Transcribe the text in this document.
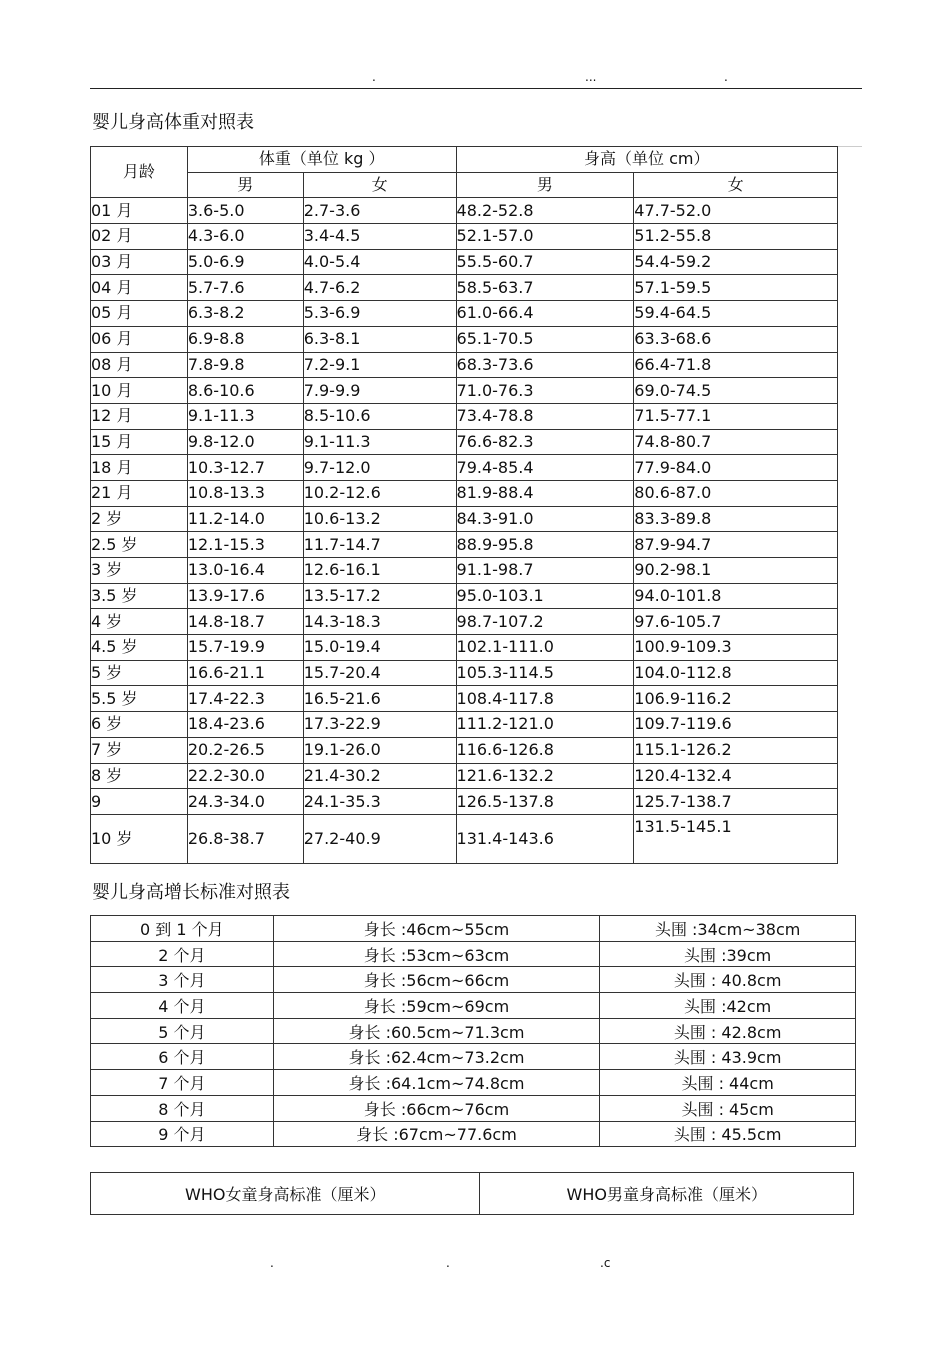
.	...	.
婴儿身高体重对照表
月龄	体重（单位 kg ）		身高（单位 cm）	
	男	女	男	女
01 月	3.6-5.0	2.7-3.6	48.2-52.8	47.7-52.0
02 月	4.3-6.0	3.4-4.5	52.1-57.0	51.2-55.8
03 月	5.0-6.9	4.0-5.4	55.5-60.7	54.4-59.2
04 月	5.7-7.6	4.7-6.2	58.5-63.7	57.1-59.5
05 月	6.3-8.2	5.3-6.9	61.0-66.4	59.4-64.5
06 月	6.9-8.8	6.3-8.1	65.1-70.5	63.3-68.6
08 月	7.8-9.8	7.2-9.1	68.3-73.6	66.4-71.8
10 月	8.6-10.6	7.9-9.9	71.0-76.3	69.0-74.5
12 月	9.1-11.3	8.5-10.6	73.4-78.8	71.5-77.1
15 月	9.8-12.0	9.1-11.3	76.6-82.3	74.8-80.7
18 月	10.3-12.7	9.7-12.0	79.4-85.4	77.9-84.0
21 月	10.8-13.3	10.2-12.6	81.9-88.4	80.6-87.0
2 岁	11.2-14.0	10.6-13.2	84.3-91.0	83.3-89.8
2.5 岁	12.1-15.3	11.7-14.7	88.9-95.8	87.9-94.7
3 岁	13.0-16.4	12.6-16.1	91.1-98.7	90.2-98.1
3.5 岁	13.9-17.6	13.5-17.2	95.0-103.1	94.0-101.8
4 岁	14.8-18.7	14.3-18.3	98.7-107.2	97.6-105.7
4.5 岁	15.7-19.9	15.0-19.4	102.1-111.0	100.9-109.3
5 岁	16.6-21.1	15.7-20.4	105.3-114.5	104.0-112.8
5.5 岁	17.4-22.3	16.5-21.6	108.4-117.8	106.9-116.2
6 岁	18.4-23.6	17.3-22.9	111.2-121.0	109.7-119.6
7 岁	20.2-26.5	19.1-26.0	116.6-126.8	115.1-126.2
8 岁	22.2-30.0	21.4-30.2	121.6-132.2	120.4-132.4
9	24.3-34.0	24.1-35.3	126.5-137.8	125.7-138.7
10 岁	26.8-38.7	27.2-40.9	131.4-143.6	131.5-145.1
婴儿身高增长标准对照表
0 到 1 个月	身长 :46cm~55cm	头围 :34cm~38cm
2 个月	身长 :53cm~63cm	头围 :39cm
3 个月	身长 :56cm~66cm	头围 : 40.8cm
4 个月	身长 :59cm~69cm	头围 :42cm
5 个月	身长 :60.5cm~71.3cm	头围 : 42.8cm
6 个月	身长 :62.4cm~73.2cm	头围 : 43.9cm
7 个月	身长 :64.1cm~74.8cm	头围 : 44cm
8 个月	身长 :66cm~76cm	头围 : 45cm
9 个月	身长 :67cm~77.6cm	头围 : 45.5cm
WHO女童身高标准（厘米）	WHO男童身高标准（厘米）
.	.	.c
